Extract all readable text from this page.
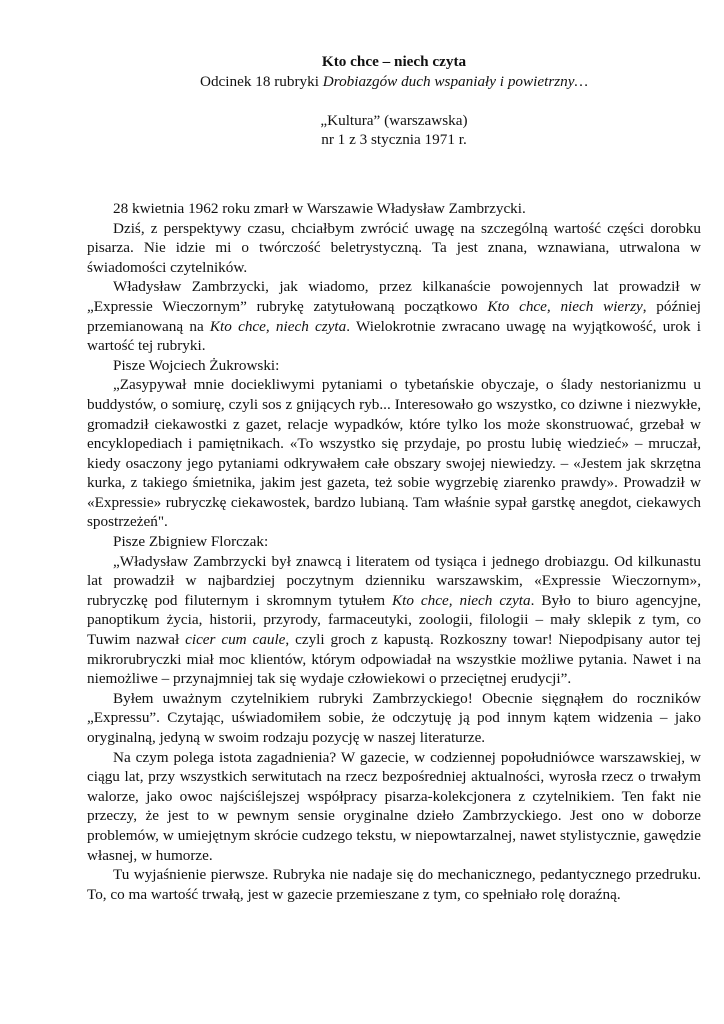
Kto chce – niech czyta
Odcinek 18 rubryki Drobiazgów duch wspaniały i powietrzny…
„Kultura” (warszawska)
nr 1 z 3 stycznia 1971 r.

28 kwietnia 1962 roku zmarł w Warszawie Władysław Zambrzycki.

Dziś, z perspektywy czasu, chciałbym zwrócić uwagę na szczególną wartość części dorobku pisarza. Nie idzie mi o twórczość beletrystyczną. Ta jest znana, wznawiana, utrwalona w świadomości czytelników.

Władysław Zambrzycki, jak wiadomo, przez kilkanaście powojennych lat prowadził w „Expressie Wieczornym” rubrykę zatytułowaną początkowo Kto chce, niech wierzy, później przemianowaną na Kto chce, niech czyta. Wielokrotnie zwracano uwagę na wyjątkowość, urok i wartość tej rubryki.

Pisze Wojciech Żukrowski:

„Zasypywał mnie dociekliwymi pytaniami o tybetańskie obyczaje, o ślady nestorianizmu u buddystów, o somiurę, czyli sos z gnijących ryb... Interesowało go wszystko, co dziwne i niezwykłe, gromadził ciekawostki z gazet, relacje wypadków, które tylko los może skonstruować, grzebał w encyklopediach i pamiętnikach. «To wszystko się przydaje, po prostu lubię wiedzieć» – mruczał, kiedy osaczony jego pytaniami odkrywałem całe obszary swojej niewiedzy. – «Jestem jak skrzętna kurka, z takiego śmietnika, jakim jest gazeta, też sobie wygrzebię ziarenko prawdy». Prowadził w «Expressie» rubryczkę ciekawostek, bardzo lubianą. Tam właśnie sypał garstkę anegdot, ciekawych spostrzeżeń".

Pisze Zbigniew Florczak:

„Władysław Zambrzycki był znawcą i literatem od tysiąca i jednego drobiazgu. Od kilkunastu lat prowadził w najbardziej poczytnym dzienniku warszawskim, «Expressie Wieczornym», rubryczkę pod filuternym i skromnym tytułem Kto chce, niech czyta. Było to biuro agencyjne, panoptikum życia, historii, przyrody, farmaceutyki, zoologii, filologii – mały sklepik z tym, co Tuwim nazwał cicer cum caule, czyli groch z kapustą. Rozkoszny towar! Niepodpisany autor tej mikrorubryczki miał moc klientów, którym odpowiadał na wszystkie możliwe pytania. Nawet i na niemożliwe – przynajmniej tak się wydaje człowiekowi o przeciętnej erudycji”.

Byłem uważnym czytelnikiem rubryki Zambrzyckiego! Obecnie sięgnąłem do roczników „Expressu”. Czytając, uświadomiłem sobie, że odczytuję ją pod innym kątem widzenia – jako oryginalną, jedyną w swoim rodzaju pozycję w naszej literaturze.

Na czym polega istota zagadnienia? W gazecie, w codziennej popołudniówce warszawskiej, w ciągu lat, przy wszystkich serwitutach na rzecz bezpośredniej aktualności, wyrosła rzecz o trwałym walorze, jako owoc najściślejszej współpracy pisarza-kolekcjonera z czytelnikiem. Ten fakt nie przeczy, że jest to w pewnym sensie oryginalne dzieło Zambrzyckiego. Jest ono w doborze problemów, w umiejętnym skrócie cudzego tekstu, w niepowtarzalnej, nawet stylistycznie, gawędzie własnej, w humorze.

Tu wyjaśnienie pierwsze. Rubryka nie nadaje się do mechanicznego, pedantycznego przedruku. To, co ma wartość trwałą, jest w gazecie przemieszane z tym, co spełniało rolę doraźną.
